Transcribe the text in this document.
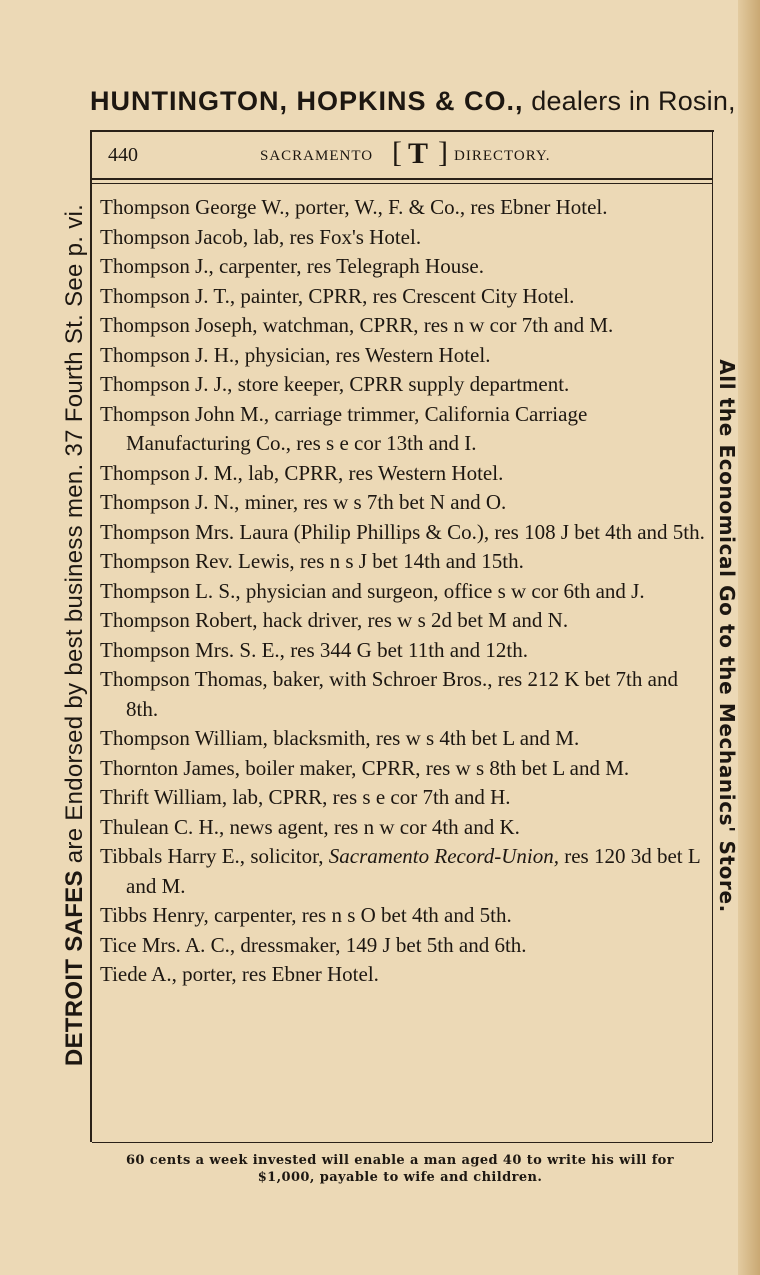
HUNTINGTON, HOPKINS & CO., dealers in Rosin,
440	SACRAMENTO [ T ] DIRECTORY.
DETROIT SAFES are Endorsed by best business men. 37 Fourth St. See p. vi.	All the Economical Go to the Mechanics' Store.
Thompson George W., porter, W., F. & Co., res Ebner Hotel.
Thompson Jacob, lab, res Fox's Hotel.
Thompson J., carpenter, res Telegraph House.
Thompson J. T., painter, CPRR, res Crescent City Hotel.
Thompson Joseph, watchman, CPRR, res n w cor 7th and M.
Thompson J. H., physician, res Western Hotel.
Thompson J. J., store keeper, CPRR supply department.
Thompson John M., carriage trimmer, California Carriage Manufacturing Co., res s e cor 13th and I.
Thompson J. M., lab, CPRR, res Western Hotel.
Thompson J. N., miner, res w s 7th bet N and O.
Thompson Mrs. Laura (Philip Phillips & Co.), res 108 J bet 4th and 5th.
Thompson Rev. Lewis, res n s J bet 14th and 15th.
Thompson L. S., physician and surgeon, office s w cor 6th and J.
Thompson Robert, hack driver, res w s 2d bet M and N.
Thompson Mrs. S. E., res 344 G bet 11th and 12th.
Thompson Thomas, baker, with Schroer Bros., res 212 K bet 7th and 8th.
Thompson William, blacksmith, res w s 4th bet L and M.
Thornton James, boiler maker, CPRR, res w s 8th bet L and M.
Thrift William, lab, CPRR, res s e cor 7th and H.
Thulean C. H., news agent, res n w cor 4th and K.
Tibbals Harry E., solicitor, Sacramento Record-Union, res 120 3d bet L and M.
Tibbs Henry, carpenter, res n s O bet 4th and 5th.
Tice Mrs. A. C., dressmaker, 149 J bet 5th and 6th.
Tiede A., porter, res Ebner Hotel.
60 cents a week invested will enable a man aged 40 to write his will for
$1,000, payable to wife and children.
